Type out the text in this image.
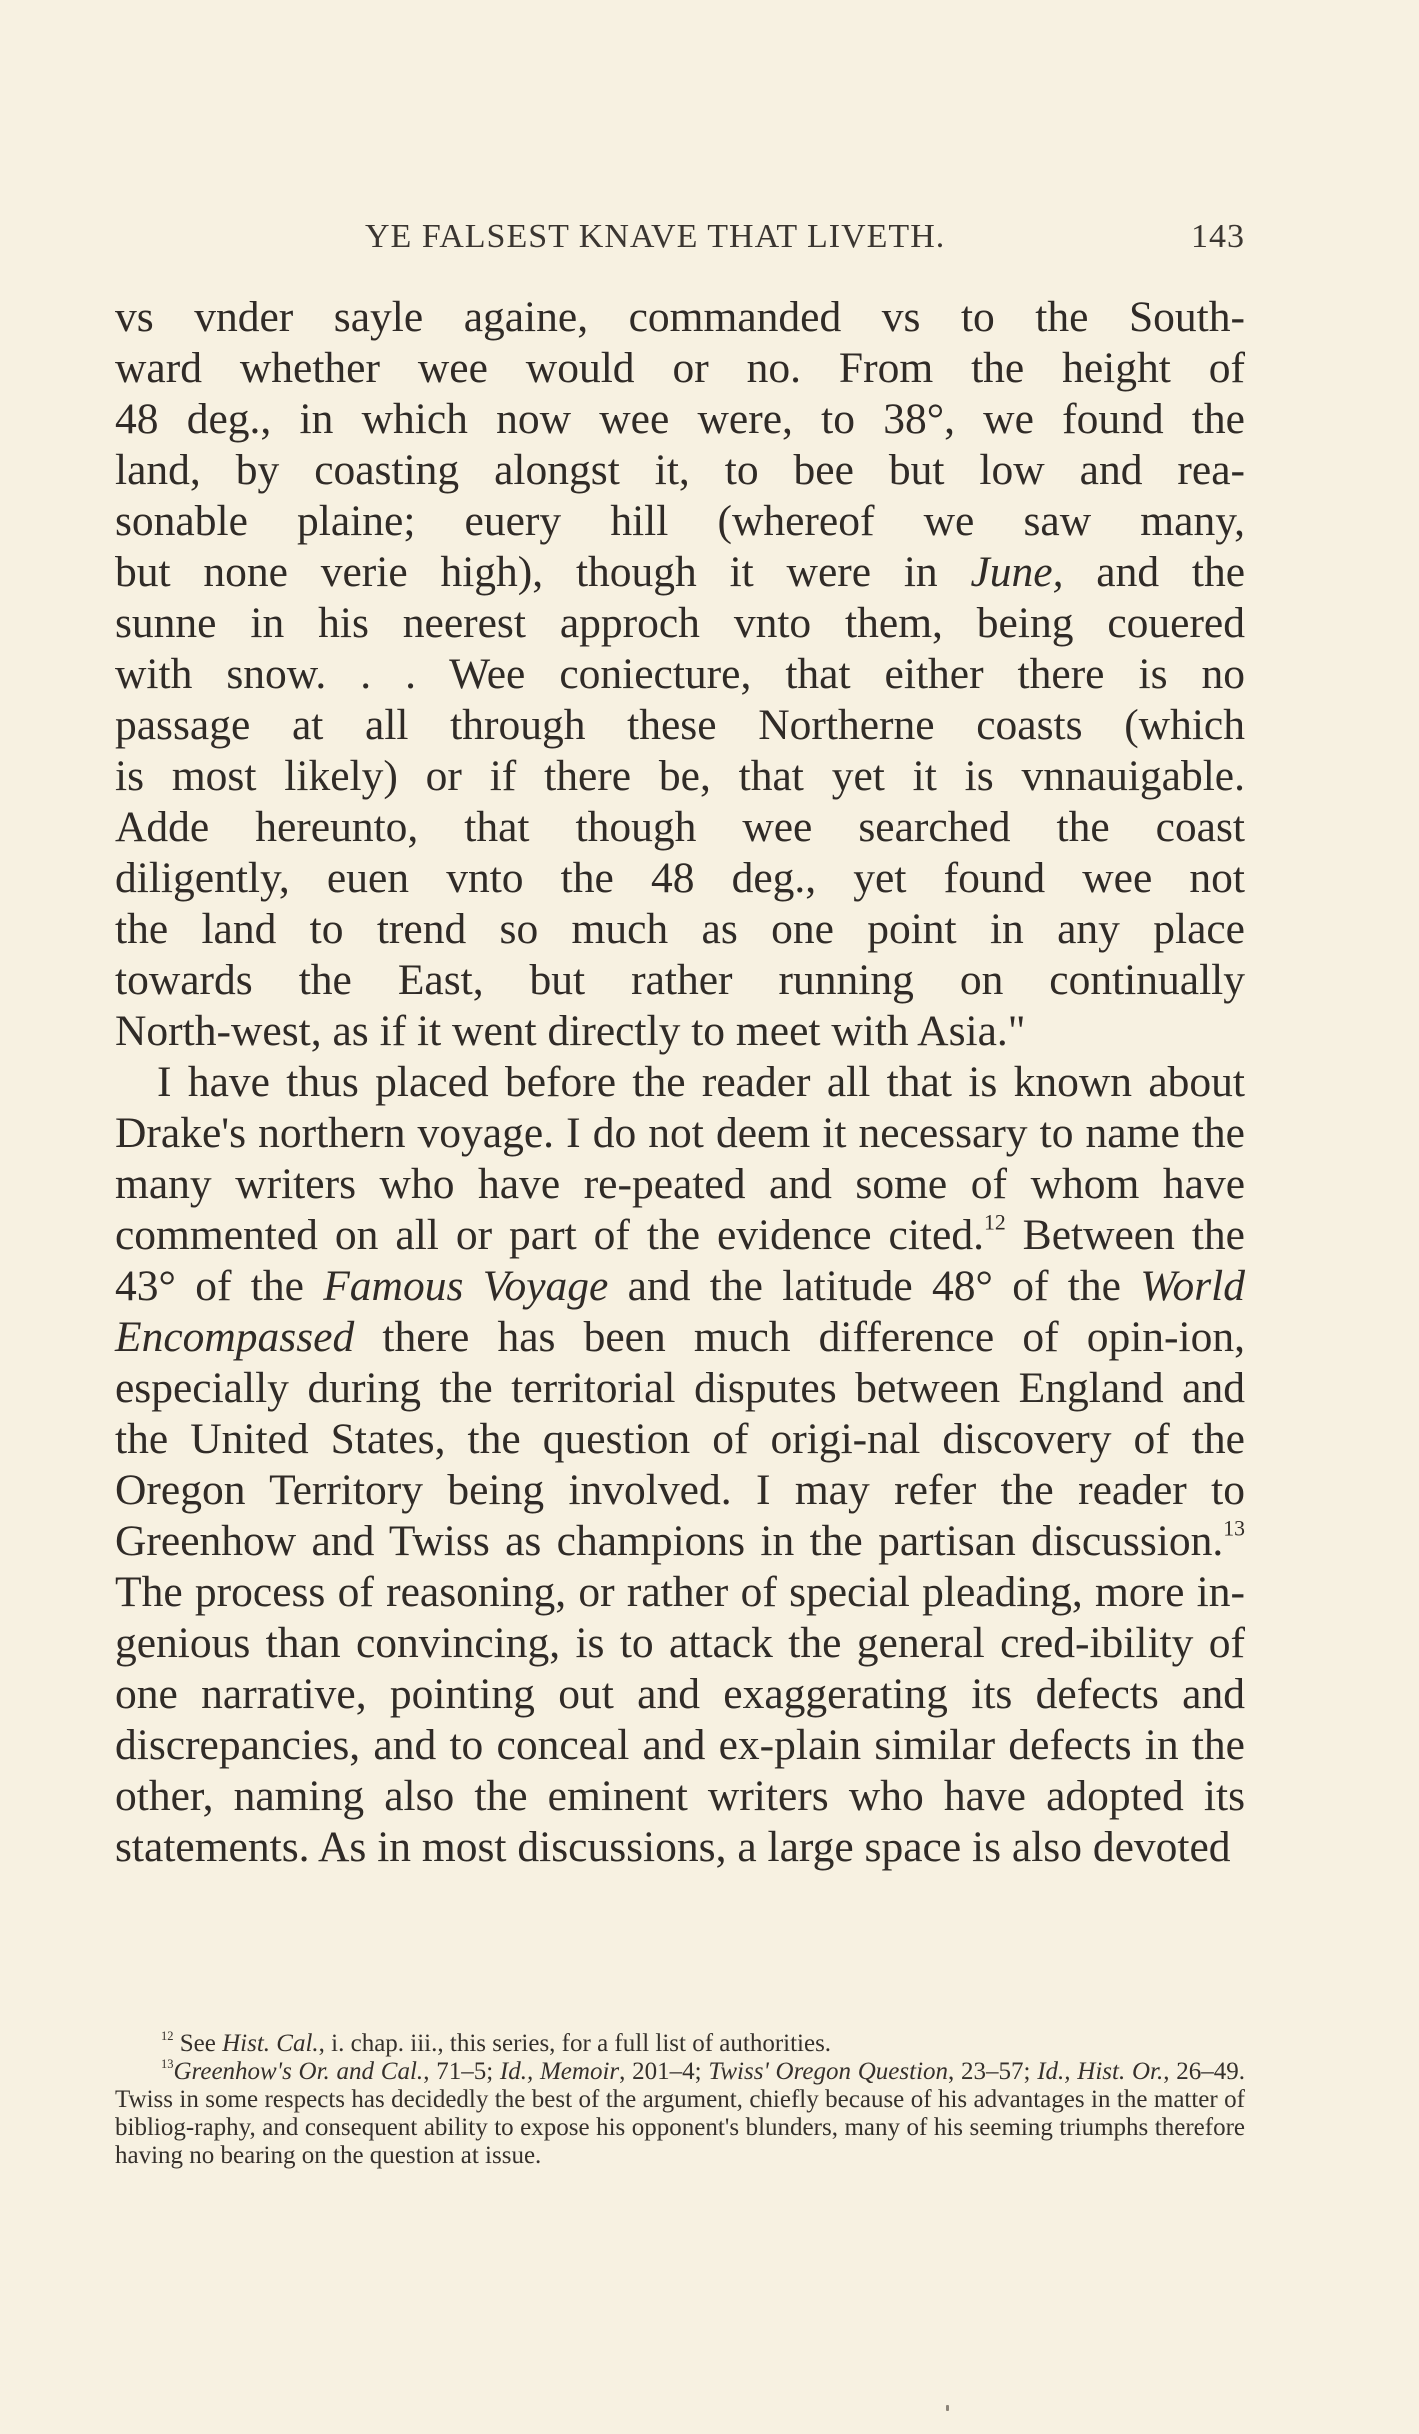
YE FALSEST KNAVE THAT LIVETH.	143

vs vnder sayle againe, commanded vs to the South-
ward whether wee would or no. From the height of
48 deg., in which now wee were, to 38°, we found the
land, by coasting alongst it, to bee but low and rea-
sonable plaine; euery hill (whereof we saw many,
but none verie high), though it were in June, and the
sunne in his neerest approch vnto them, being couered
with snow. . . Wee coniecture, that either there is no
passage at all through these Northerne coasts (which
is most likely) or if there be, that yet it is vnnauigable.
Adde hereunto, that though wee searched the coast
diligently, euen vnto the 48 deg., yet found wee not
the land to trend so much as one point in any place
towards the East, but rather running on continually
North-west, as if it went directly to meet with Asia."

I have thus placed before the reader all that is known about Drake's northern voyage. I do not deem it necessary to name the many writers who have re-peated and some of whom have commented on all or part of the evidence cited.$^{12}$ Between the 43° of the Famous Voyage and the latitude 48° of the World Encompassed there has been much difference of opin-ion, especially during the territorial disputes between England and the United States, the question of origi-nal discovery of the Oregon Territory being involved. I may refer the reader to Greenhow and Twiss as champions in the partisan discussion.$^{13}$ The process of reasoning, or rather of special pleading, more in-genious than convincing, is to attack the general cred-ibility of one narrative, pointing out and exaggerating its defects and discrepancies, and to conceal and ex-plain similar defects in the other, naming also the eminent writers who have adopted its statements. As in most discussions, a large space is also devoted

$^{12}$ See Hist. Cal., i. chap. iii., this series, for a full list of authorities.

$^{13}$Greenhow's Or. and Cal., 71–5; Id., Memoir, 201–4; Twiss' Oregon Question, 23–57; Id., Hist. Or., 26–49. Twiss in some respects has decidedly the best of the argument, chiefly because of his advantages in the matter of bibliog-raphy, and consequent ability to expose his opponent's blunders, many of his seeming triumphs therefore having no bearing on the question at issue.
